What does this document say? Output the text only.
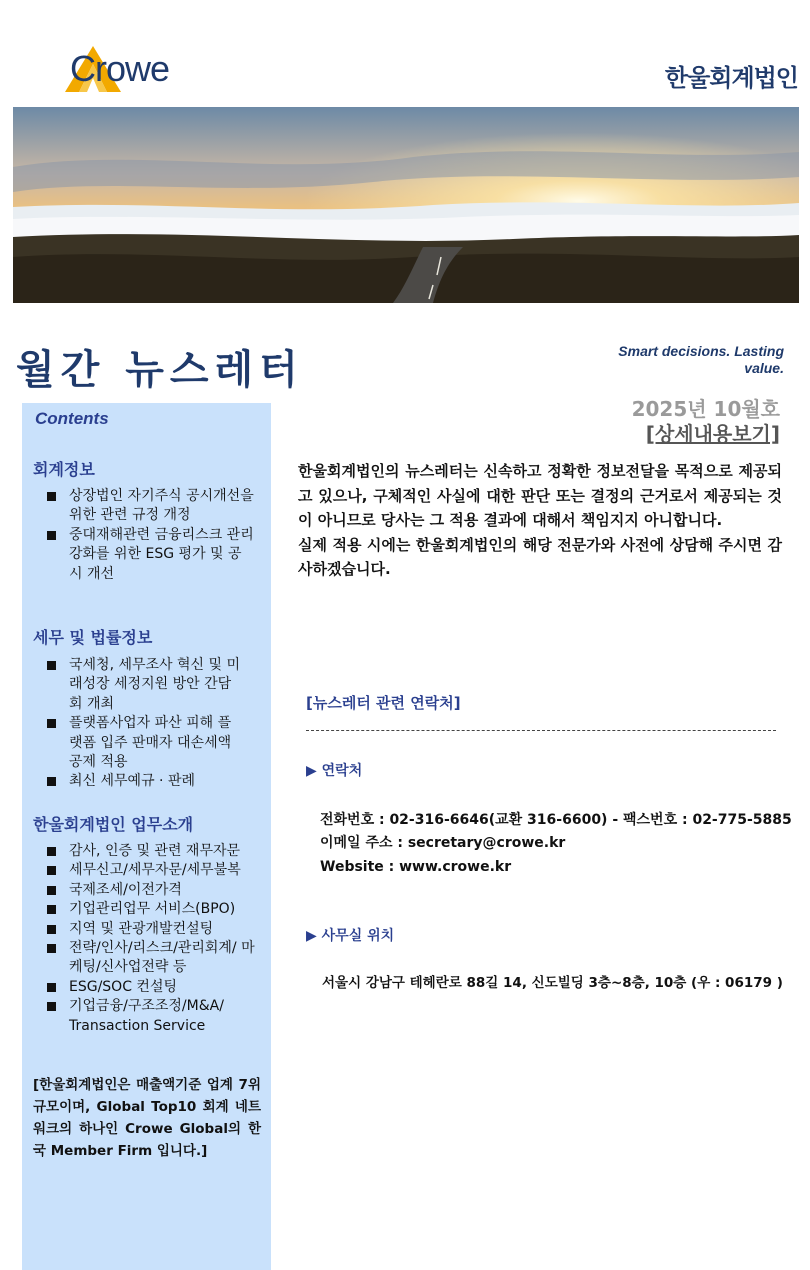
Crowe	한울회계법인
월간 뉴스레터	Smart decisions. Lasting value.
2025년 10월호
[상세내용보기]
Contents
회계정보
상장법인 자기주식 공시개선을 위한 관련 규정 개정
중대재해관련 금융리스크 관리강화를 위한 ESG 평가 및 공시 개선
세무 및 법률정보
국세청, 세무조사 혁신 및 미래성장 세정지원 방안 간담회 개최
플랫폼사업자 파산 피해 플랫폼 입주 판매자 대손세액 공제 적용
최신 세무예규 · 판례
한울회계법인 업무소개
감사, 인증 및 관련 재무자문
세무신고/세무자문/세무불복
국제조세/이전가격
기업관리업무 서비스(BPO)
지역 및 관광개발컨설팅
전략/인사/리스크/관리회계/ 마케팅/신사업전략 등
ESG/SOC 컨설팅
기업금융/구조조정/M&A/ Transaction Service
[한울회계법인은 매출액기준 업계 7위 규모이며, Global Top10 회계 네트워크의 하나인 Crowe Global의 한국 Member Firm 입니다.]

한울회계법인의 뉴스레터는 신속하고 정확한 정보전달을 목적으로 제공되고 있으나, 구체적인 사실에 대한 판단 또는 결정의 근거로서 제공되는 것이 아니므로 당사는 그 적용 결과에 대해서 책임지지 아니합니다.
실제 적용 시에는 한울회계법인의 해당 전문가와 사전에 상담해 주시면 감사하겠습니다.

[뉴스레터 관련 연락처]
▶ 연락처
전화번호 : 02-316-6646(교환 316-6600) - 팩스번호 : 02-775-5885
이메일 주소 : secretary@crowe.kr
Website : www.crowe.kr
▶ 사무실 위치
서울시 강남구 테헤란로 88길 14, 신도빌딩 3층~8층, 10층 (우 : 06179 )
